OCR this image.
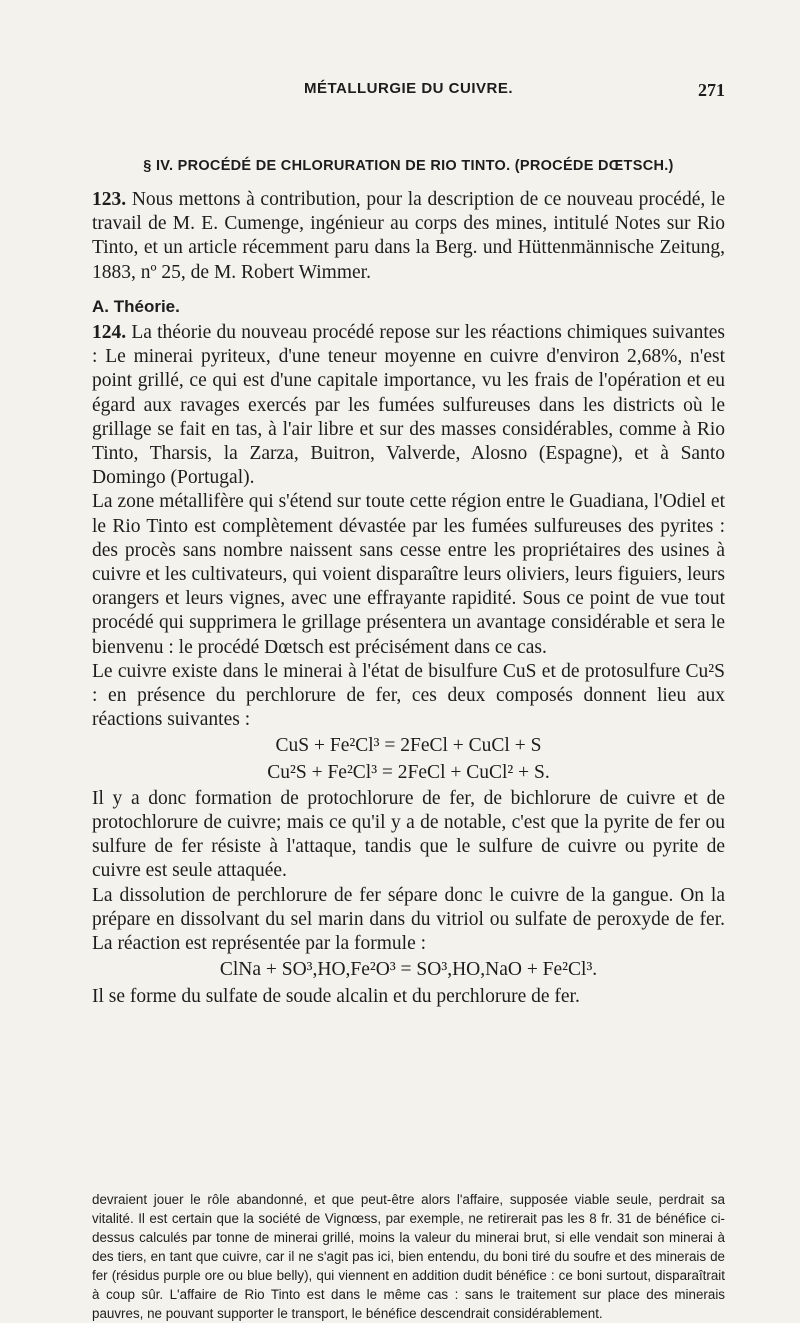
MÉTALLURGIE DU CUIVRE.	271
§ IV. PROCÉDÉ DE CHLORURATION DE RIO TINTO. (PROCÉDE DŒTSCH.)

123. Nous mettons à contribution, pour la description de ce nouveau procédé, le travail de M. E. Cumenge, ingénieur au corps des mines, intitulé Notes sur Rio Tinto, et un article récemment paru dans la Berg. und Hüttenmännische Zeitung, 1883, nº 25, de M. Robert Wimmer.

A. Théorie.

124. La théorie du nouveau procédé repose sur les réactions chimiques suivantes : Le minerai pyriteux, d'une teneur moyenne en cuivre d'environ 2,68%, n'est point grillé, ce qui est d'une capitale importance, vu les frais de l'opération et eu égard aux ravages exercés par les fumées sulfureuses dans les districts où le grillage se fait en tas, à l'air libre et sur des masses considérables, comme à Rio Tinto, Tharsis, la Zarza, Buitron, Valverde, Alosno (Espagne), et à Santo Domingo (Portugal).

La zone métallifère qui s'étend sur toute cette région entre le Guadiana, l'Odiel et le Rio Tinto est complètement dévastée par les fumées sulfureuses des pyrites : des procès sans nombre naissent sans cesse entre les propriétaires des usines à cuivre et les cultivateurs, qui voient disparaître leurs oliviers, leurs figuiers, leurs orangers et leurs vignes, avec une effrayante rapidité. Sous ce point de vue tout procédé qui supprimera le grillage présentera un avantage considérable et sera le bienvenu : le procédé Dœtsch est précisément dans ce cas.

Le cuivre existe dans le minerai à l'état de bisulfure CuS et de protosulfure Cu²S : en présence du perchlorure de fer, ces deux composés donnent lieu aux réactions suivantes :

CuS + Fe²Cl³ = 2FeCl + CuCl + S
Cu²S + Fe²Cl³ = 2FeCl + CuCl² + S.

Il y a donc formation de protochlorure de fer, de bichlorure de cuivre et de protochlorure de cuivre; mais ce qu'il y a de notable, c'est que la pyrite de fer ou sulfure de fer résiste à l'attaque, tandis que le sulfure de cuivre ou pyrite de cuivre est seule attaquée.

La dissolution de perchlorure de fer sépare donc le cuivre de la gangue. On la prépare en dissolvant du sel marin dans du vitriol ou sulfate de peroxyde de fer. La réaction est représentée par la formule :

ClNa + SO³,HO,Fe²O³ = SO³,HO,NaO + Fe²Cl³.

Il se forme du sulfate de soude alcalin et du perchlorure de fer.

devraient jouer le rôle abandonné, et que peut-être alors l'affaire, supposée viable seule, perdrait sa vitalité. Il est certain que la société de Vignœss, par exemple, ne retirerait pas les 8 fr. 31 de bénéfice ci-dessus calculés par tonne de minerai grillé, moins la valeur du minerai brut, si elle vendait son minerai à des tiers, en tant que cuivre, car il ne s'agit pas ici, bien entendu, du boni tiré du soufre et des minerais de fer (résidus purple ore ou blue belly), qui viennent en addition dudit bénéfice : ce boni surtout, disparaîtrait à coup sûr. L'affaire de Rio Tinto est dans le même cas : sans le traitement sur place des minerais pauvres, ne pouvant supporter le transport, le bénéfice descendrait considérablement.
